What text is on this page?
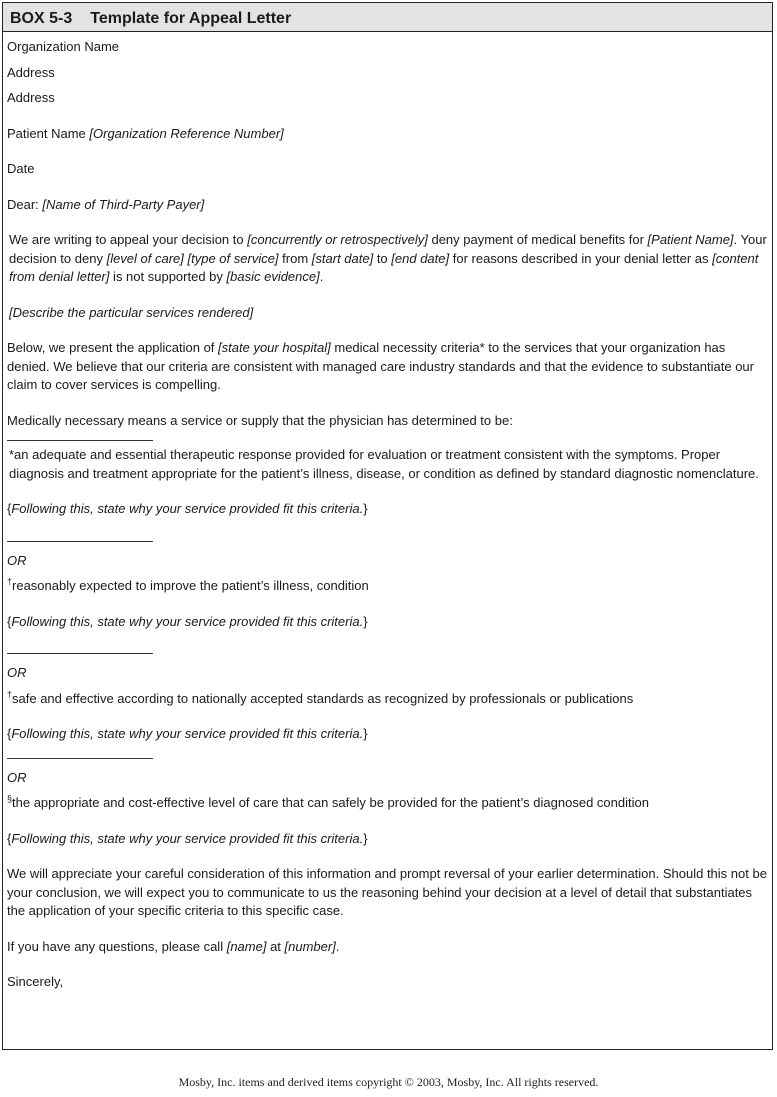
BOX 5-3 Template for Appeal Letter

Organization Name

Address

Address

Patient Name [Organization Reference Number]

Date

Dear: [Name of Third-Party Payer]

We are writing to appeal your decision to [concurrently or retrospectively] deny payment of medical benefits for [Patient Name]. Your decision to deny [level of care] [type of service] from [start date] to [end date] for reasons described in your denial letter as [content from denial letter] is not supported by [basic evidence].

[Describe the particular services rendered]

Below, we present the application of [state your hospital] medical necessity criteria* to the services that your organization has denied. We believe that our criteria are consistent with managed care industry standards and that the evidence to substantiate our claim to cover services is compelling.

Medically necessary means a service or supply that the physician has determined to be:

*an adequate and essential therapeutic response provided for evaluation or treatment consistent with the symptoms. Proper diagnosis and treatment appropriate for the patient’s illness, disease, or condition as defined by standard diagnostic nomenclature.

{Following this, state why your service provided fit this criteria.}

OR

†reasonably expected to improve the patient’s illness, condition

{Following this, state why your service provided fit this criteria.}

OR

†safe and effective according to nationally accepted standards as recognized by professionals or publications

{Following this, state why your service provided fit this criteria.}

OR

§the appropriate and cost-effective level of care that can safely be provided for the patient’s diagnosed condition

{Following this, state why your service provided fit this criteria.}

We will appreciate your careful consideration of this information and prompt reversal of your earlier determination. Should this not be your conclusion, we will expect you to communicate to us the reasoning behind your decision at a level of detail that substantiates the application of your specific criteria to this specific case.

If you have any questions, please call [name] at [number].

Sincerely,

Mosby, Inc. items and derived items copyright © 2003, Mosby, Inc. All rights reserved.
